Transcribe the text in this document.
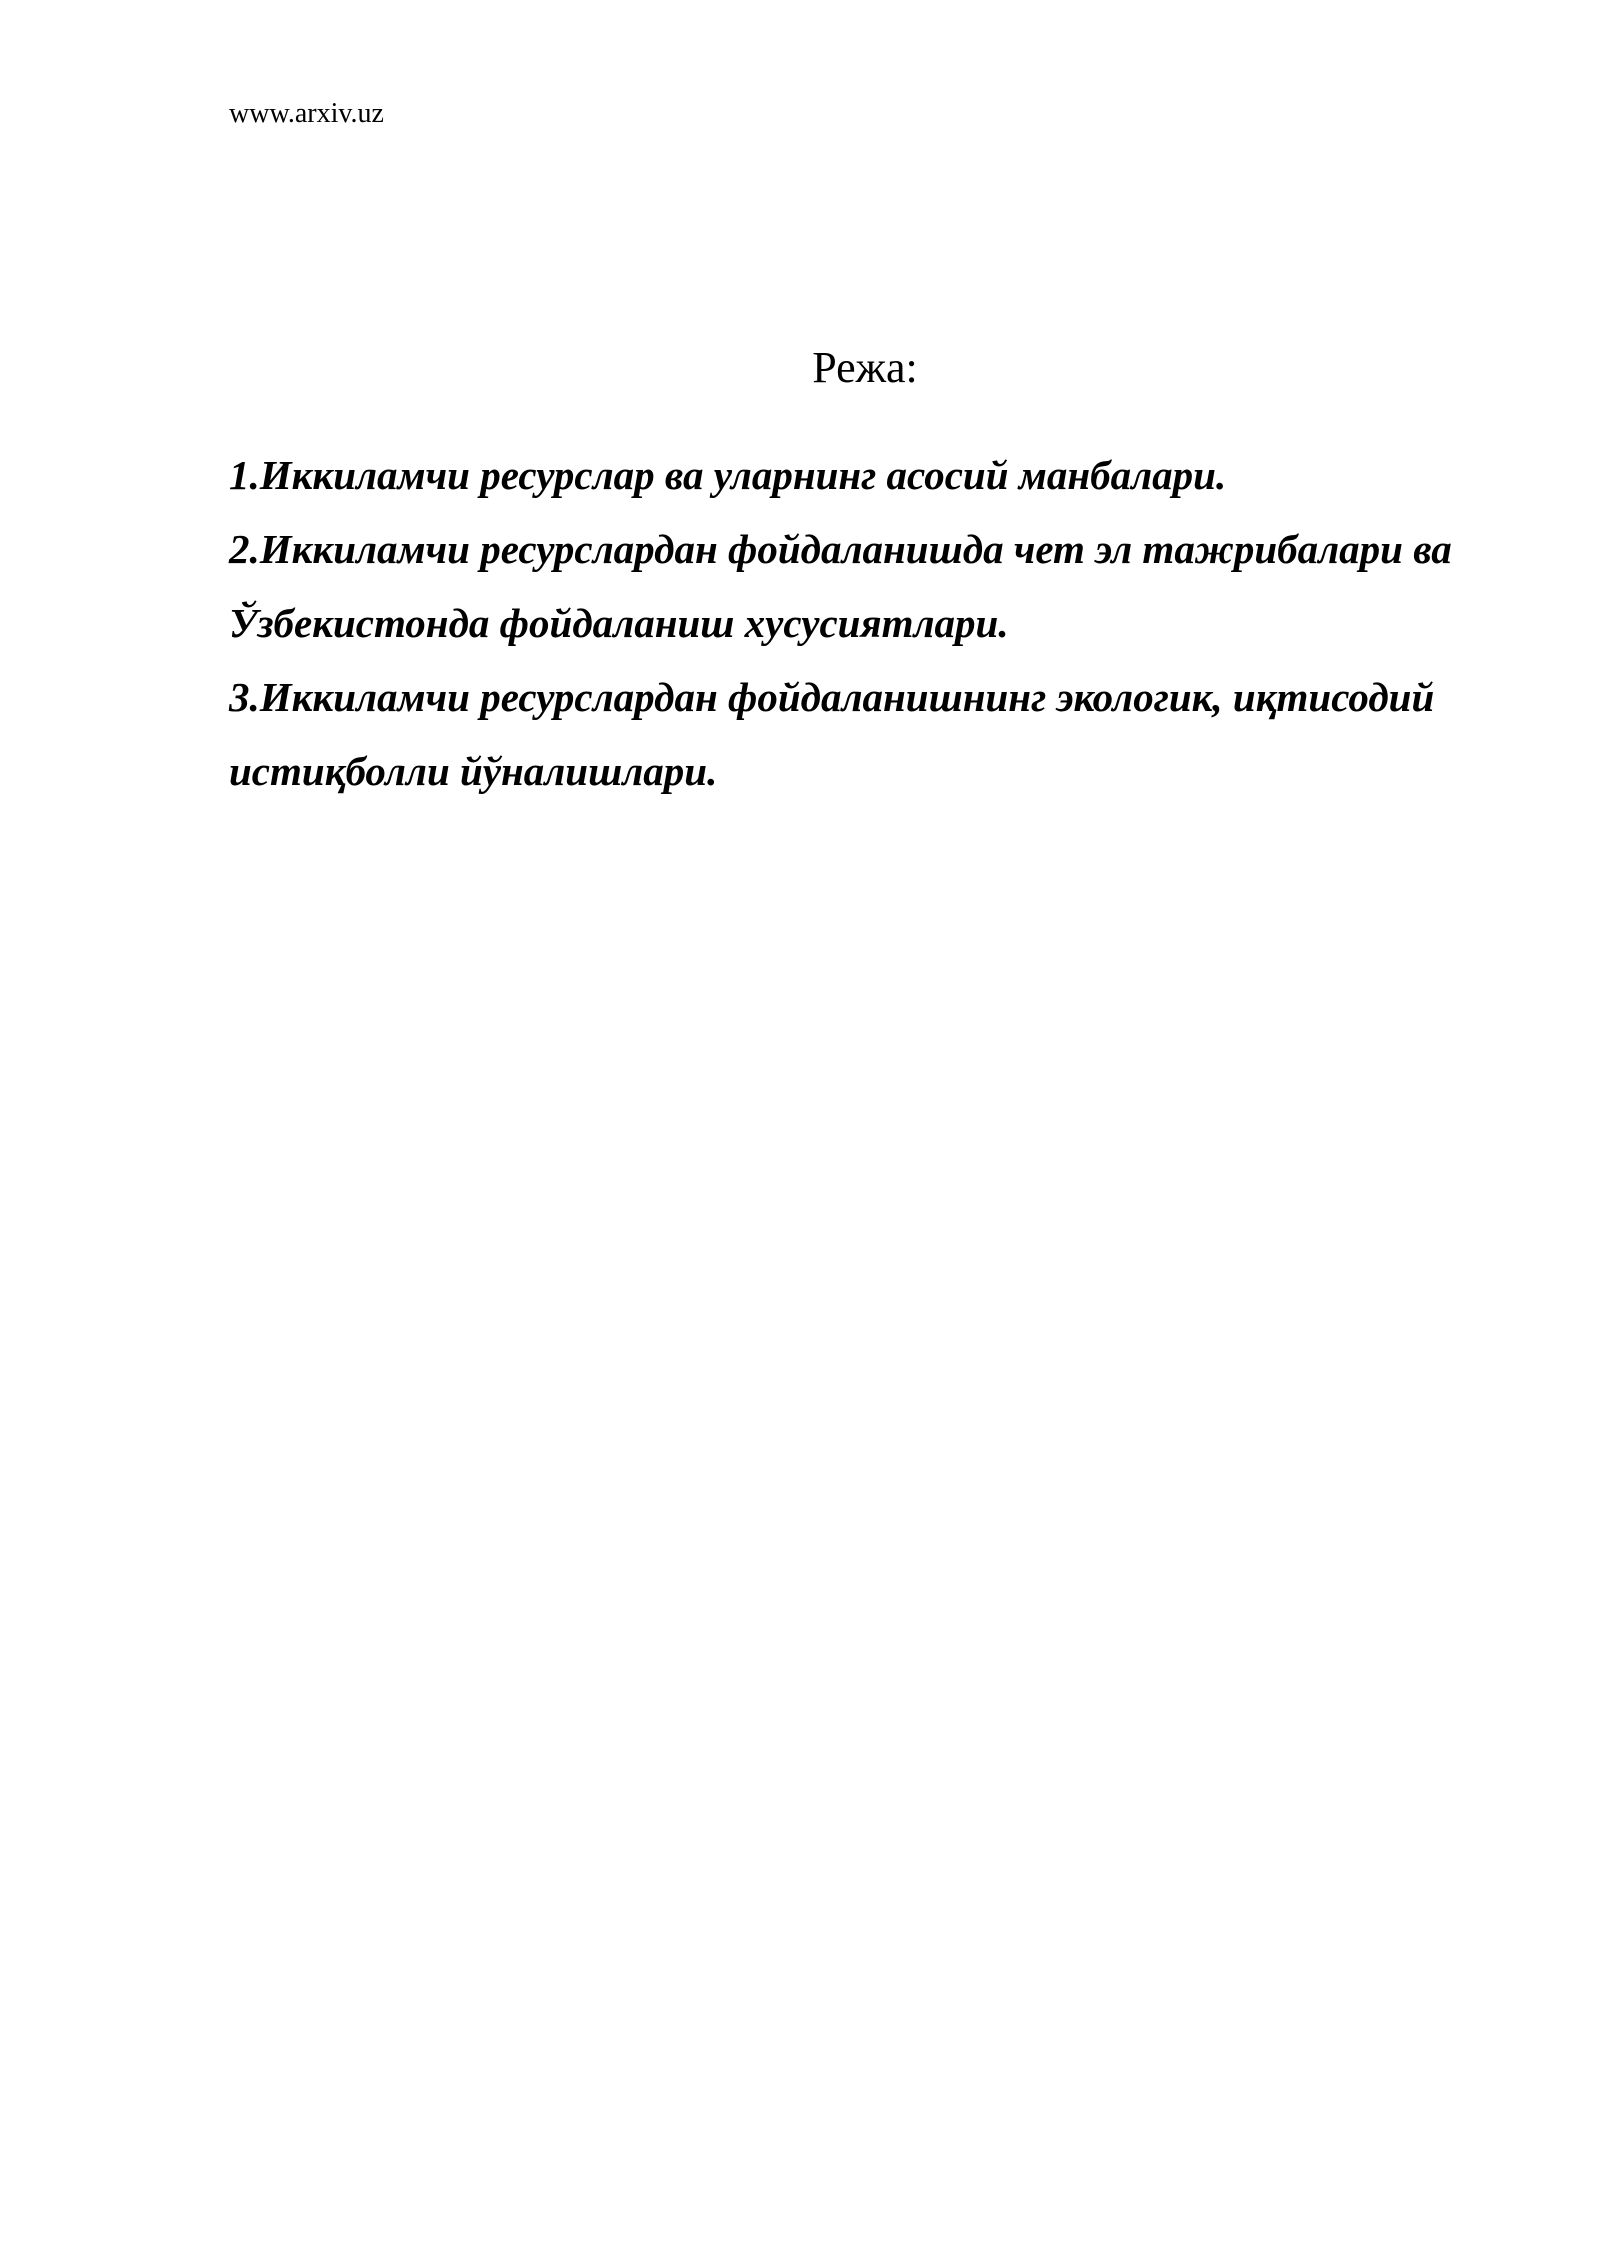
www.arxiv.uz
Режа:
1.Иккиламчи ресурслар ва уларнинг асосий манбалари.
2.Иккиламчи ресурслардан фойдаланишда чет эл тажрибалари ва Ўзбекистонда фойдаланиш хусусиятлари.
3.Иккиламчи ресурслардан фойдаланишнинг экологик, иқтисодий истиқболли йўналишлари.
